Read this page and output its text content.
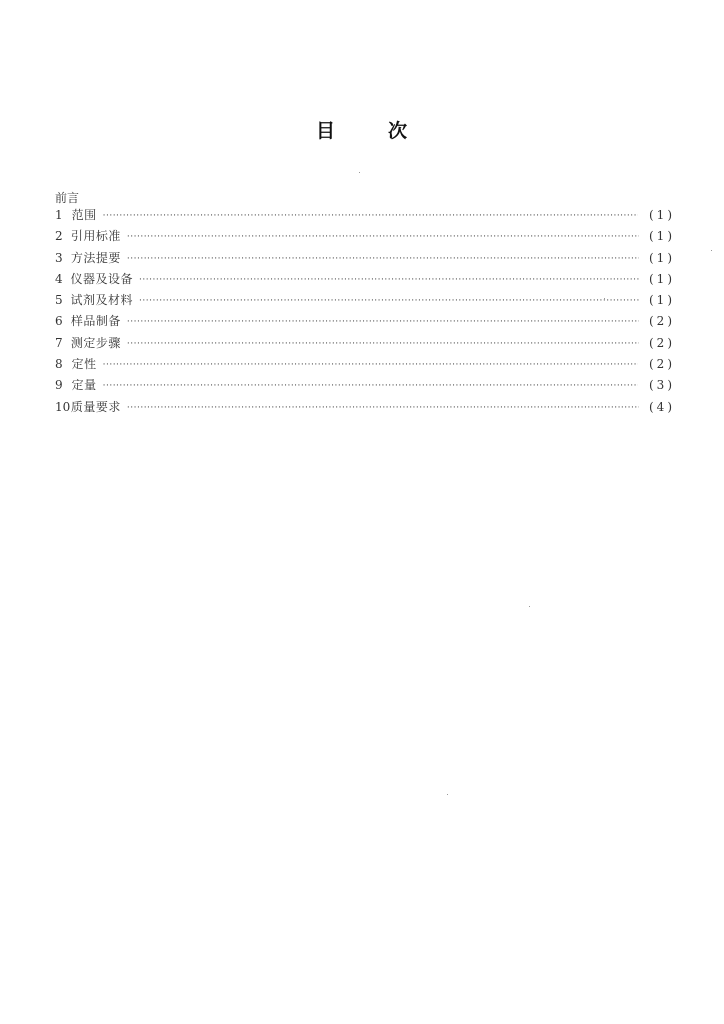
目	次
前言
1 范围 ·····	(1)
2 引用标准 ·····	(1)
3 方法提要 ·····	(1)
4 仪器及设备 ·····	(1)
5 试剂及材料 ·····	(1)
6 样品制备 ·····	(2)
7 测定步骤 ·····	(2)
8 定性 ·····	(2)
9 定量 ·····	(3)
10 质量要求 ·····	(4)
